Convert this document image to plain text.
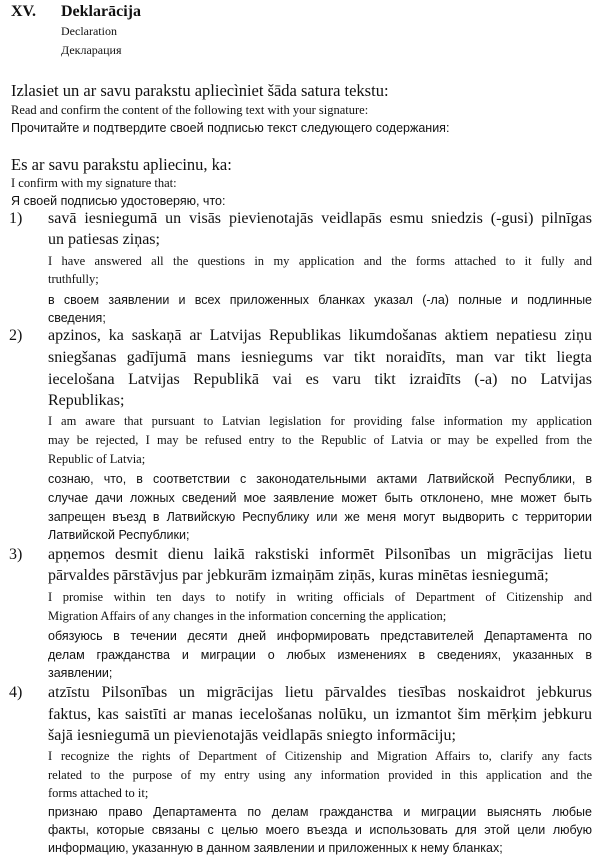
XV. Deklarācija
Declaration
Декларация
Izlasiet un ar savu parakstu apliecìniet šāda satura tekstu:
Read and confirm the content of the following text with your signature:
Прочитайте и подтвердите своей подписью текст следующего содержания:
Es ar savu parakstu apliecinu, ka:
I confirm with my signature that:
Я своей подписью удостоверяю, что:
1) savā iesniegumā un visās pievienotajās veidlapās esmu sniedzis (-gusi) pilnīgas
un patiesas ziņas;
I have answered all the questions in my application and the forms attached to it fully and
truthfully;
в своем заявлении и всех приложенных бланках указал (-ла) полные и подлинные
сведения;
2) apzinos, ka saskaņā ar Latvijas Republikas likumdošanas aktiem nepatiesu ziņu
sniegšanas gadījumā mans iesniegums var tikt noraidīts, man var tikt liegta
iecelošana Latvijas Republikā vai es varu tikt izraidīts (-a) no Latvijas
Republikas;
I am aware that pursuant to Latvian legislation for providing false information my application
may be rejected, I may be refused entry to the Republic of Latvia or may be expelled from the
Republic of Latvia;
сознаю, что, в соответствии с законодательными актами Латвийской Республики, в
случае дачи ложных сведений мое заявление может быть отклонено, мне может быть
запрещен въезд в Латвийскую Республику или же меня могут выдворить с территории
Латвийской Республики;
3) apņemos desmit dienu laikā rakstiski informēt Pilsonības un migrācijas lietu
pārvaldes pārstāvjus par jebkurām izmaiņām ziņās, kuras minētas iesniegumā;
I promise within ten days to notify in writing officials of Department of Citizenship and
Migration Affairs of any changes in the information concerning the application;
обязуюсь в течении десяти дней информировать представителей Департамента по
делам гражданства и миграции о любых изменениях в сведениях, указанных в
заявлении;
4) atzīstu Pilsonības un migrācijas lietu pārvaldes tiesības noskaidrot jebkurus
faktus, kas saistīti ar manas iecelošanas nolūku, un izmantot šim mērķim jebkuru
šajā iesniegumā un pievienotajās veidlapās sniegto informāciju;
I recognize the rights of Department of Citizenship and Migration Affairs to, clarify any facts
related to the purpose of my entry using any information provided in this application and the
forms attached to it;
признаю право Департамента по делам гражданства и миграции выяснять любые
факты, которые связаны с целью моего въезда и использовать для этой цели любую
информацию, указанную в данном заявлении и приложенных к нему бланках;
